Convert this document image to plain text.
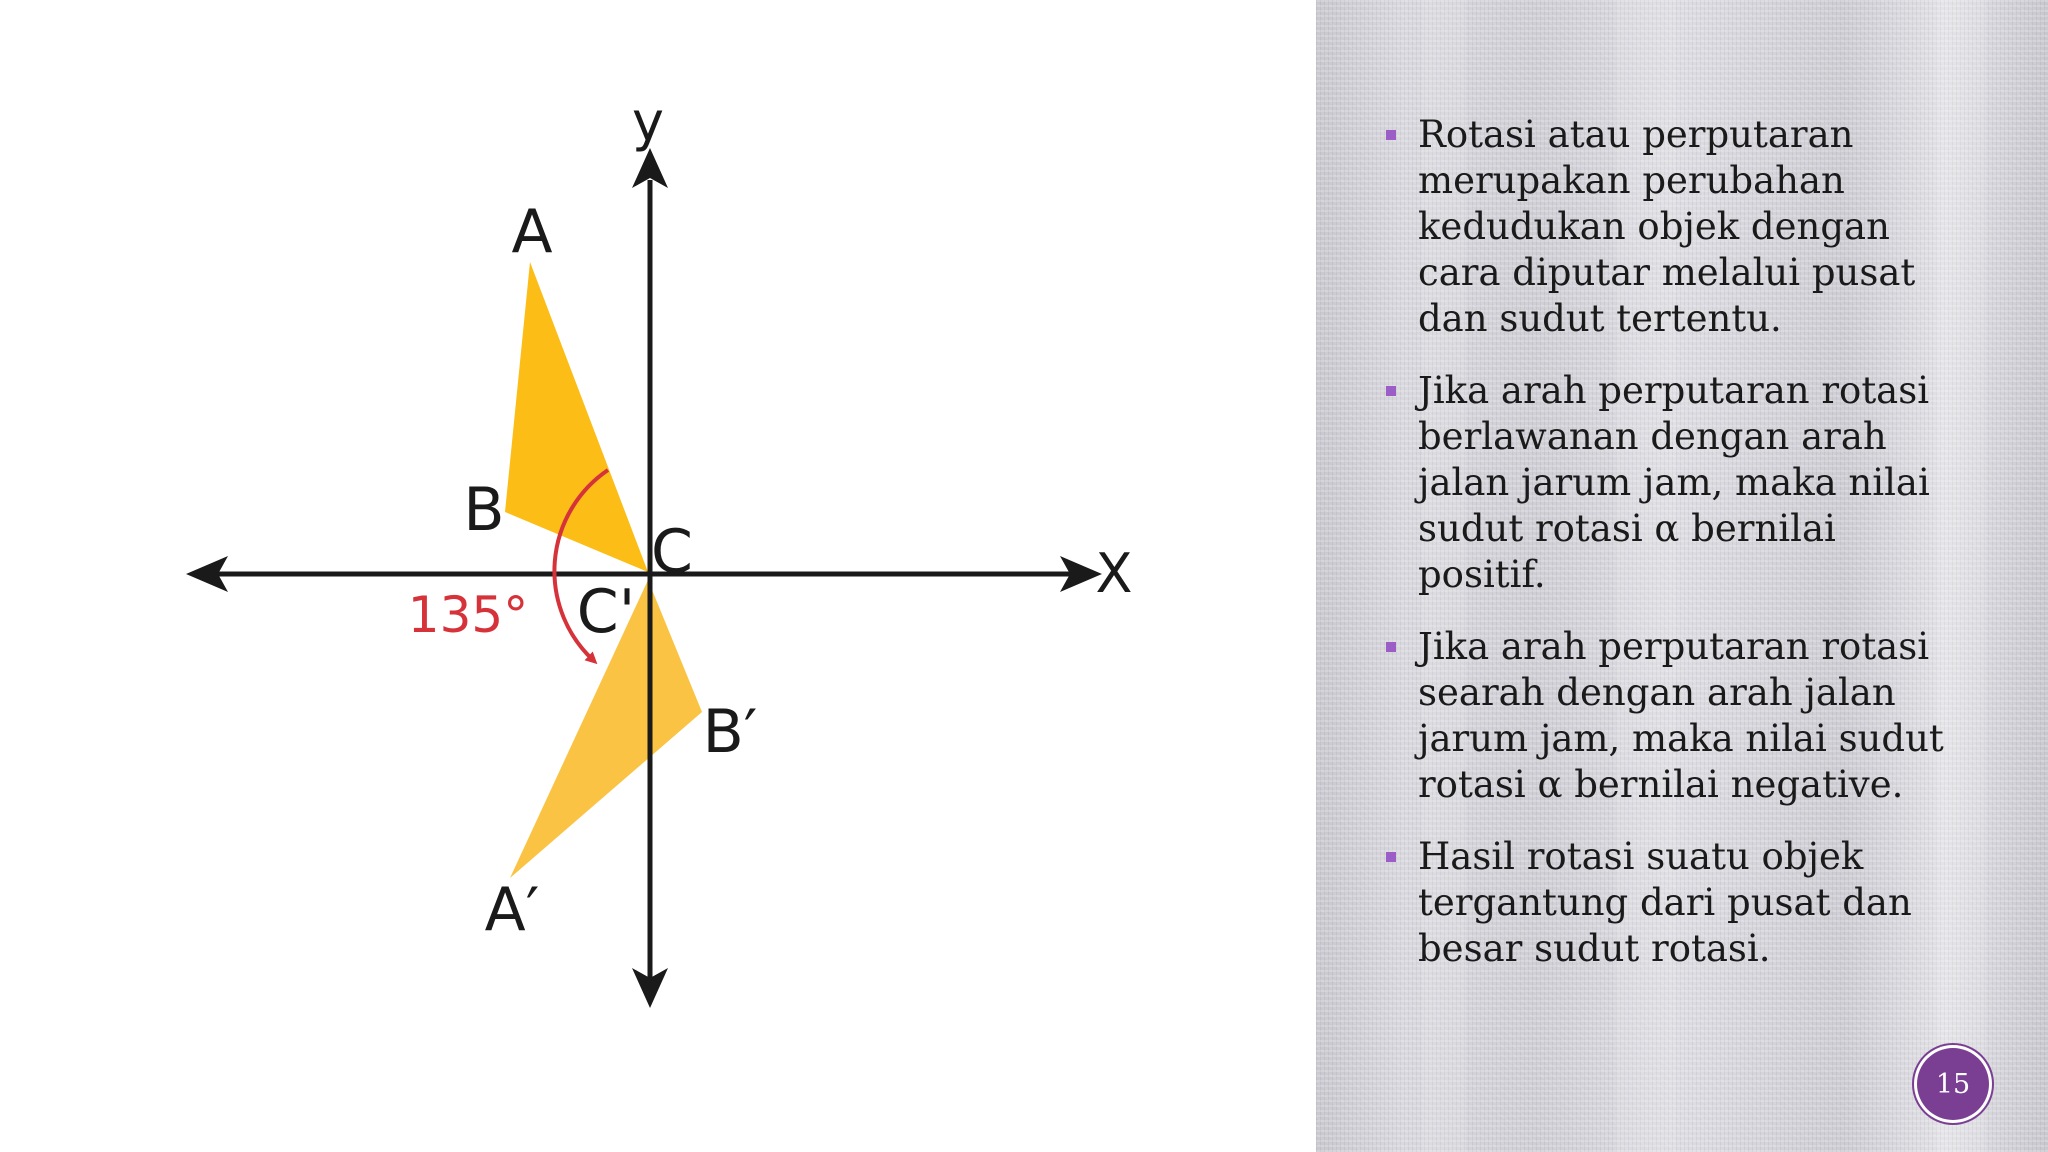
y
X
A
B
C
C'
B′
A′
135°
Rotasi atau perputaran merupakan perubahan kedudukan objek dengan cara diputar melalui pusat dan sudut tertentu.
Jika arah perputaran rotasi berlawanan dengan arah jalan jarum jam, maka nilai sudut rotasi α bernilai positif.
Jika arah perputaran rotasi searah dengan arah jalan jarum jam, maka nilai sudut rotasi α bernilai negative.
Hasil rotasi suatu objek tergantung dari pusat dan besar sudut rotasi.
15
